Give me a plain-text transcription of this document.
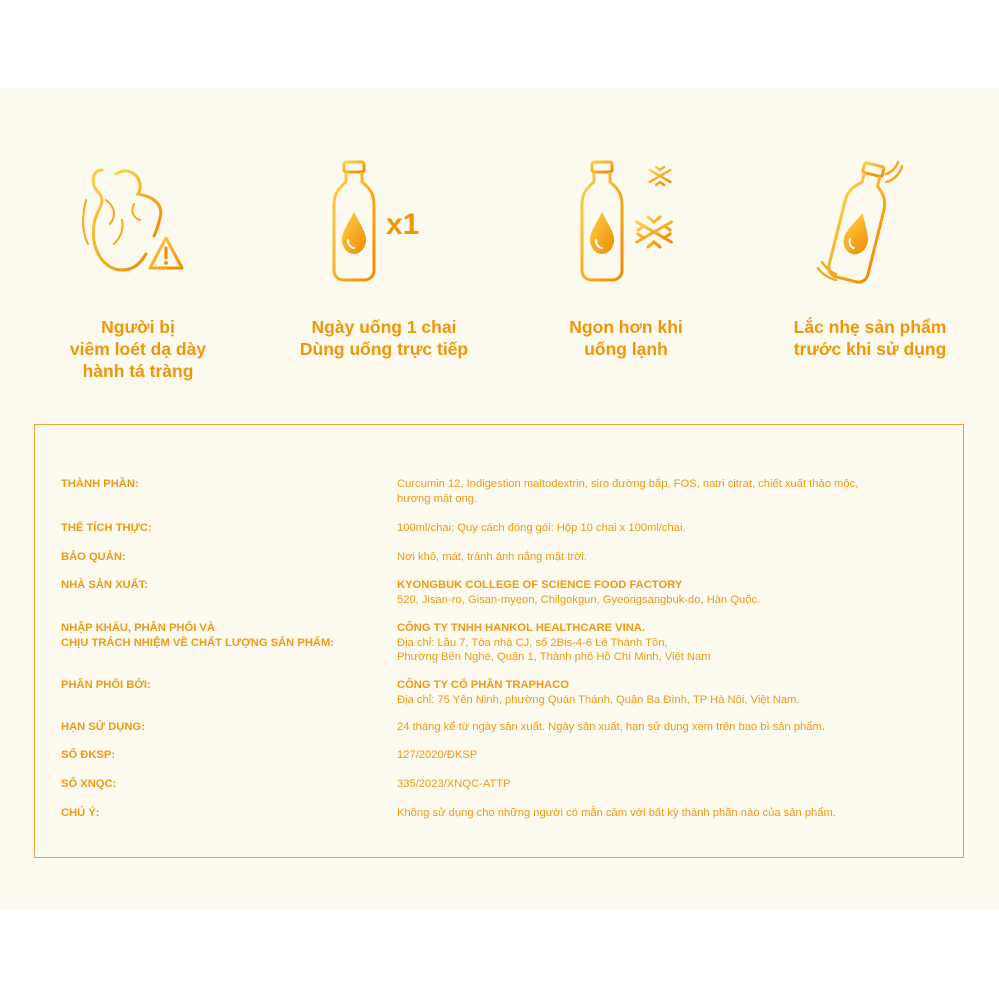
Người bị
viêm loét dạ dày
hành tá tràng
x1
Ngày uống 1 chai
Dùng uống trực tiếp
Ngon hơn khi
uống lạnh
Lắc nhẹ sản phẩm
trước khi sử dụng
THÀNH PHẦN:	Curcumin 12, Indigestion maltodextrin, siro đường bắp, FOS, natri citrat, chiết xuất thảo mộc,
hương mật ong.
THỂ TÍCH THỰC:	100ml/chai; Quy cách đóng gói: Hộp 10 chai x 100ml/chai.
BẢO QUẢN:	Nơi khô, mát, tránh ánh nắng mặt trời.
NHÀ SẢN XUẤT:	KYONGBUK COLLEGE OF SCIENCE FOOD FACTORY
520, Jisan-ro, Gisan-myeon, Chilgokgun, Gyeongsangbuk-do, Hàn Quốc.
NHẬP KHẨU, PHÂN PHỐI VÀ
CHỊU TRÁCH NHIỆM VỀ CHẤT LƯỢNG SẢN PHẨM:
CÔNG TY TNHH HANKOL HEALTHCARE VINA.
Địa chỉ: Lầu 7, Tòa nhà CJ, số 2Bis-4-6 Lê Thánh Tôn,
Phường Bến Nghé, Quận 1, Thành phố Hồ Chí Minh, Việt Nam
PHÂN PHỐI BỞI:	CÔNG TY CỔ PHẦN TRAPHACO
Địa chỉ: 75 Yên Ninh, phường Quán Thánh, Quận Ba Đình, TP Hà Nội, Việt Nam.
HẠN SỬ DỤNG:	24 tháng kể từ ngày sản xuất. Ngày sản xuất, hạn sử dụng xem trên bao bì sản phẩm.
SỐ ĐKSP:	127/2020/ĐKSP
SỐ XNQC:	335/2023/XNQC-ATTP
CHÚ Ý:	Không sử dụng cho những người có mẫn cảm với bất kỳ thành phần nào của sản phẩm.
